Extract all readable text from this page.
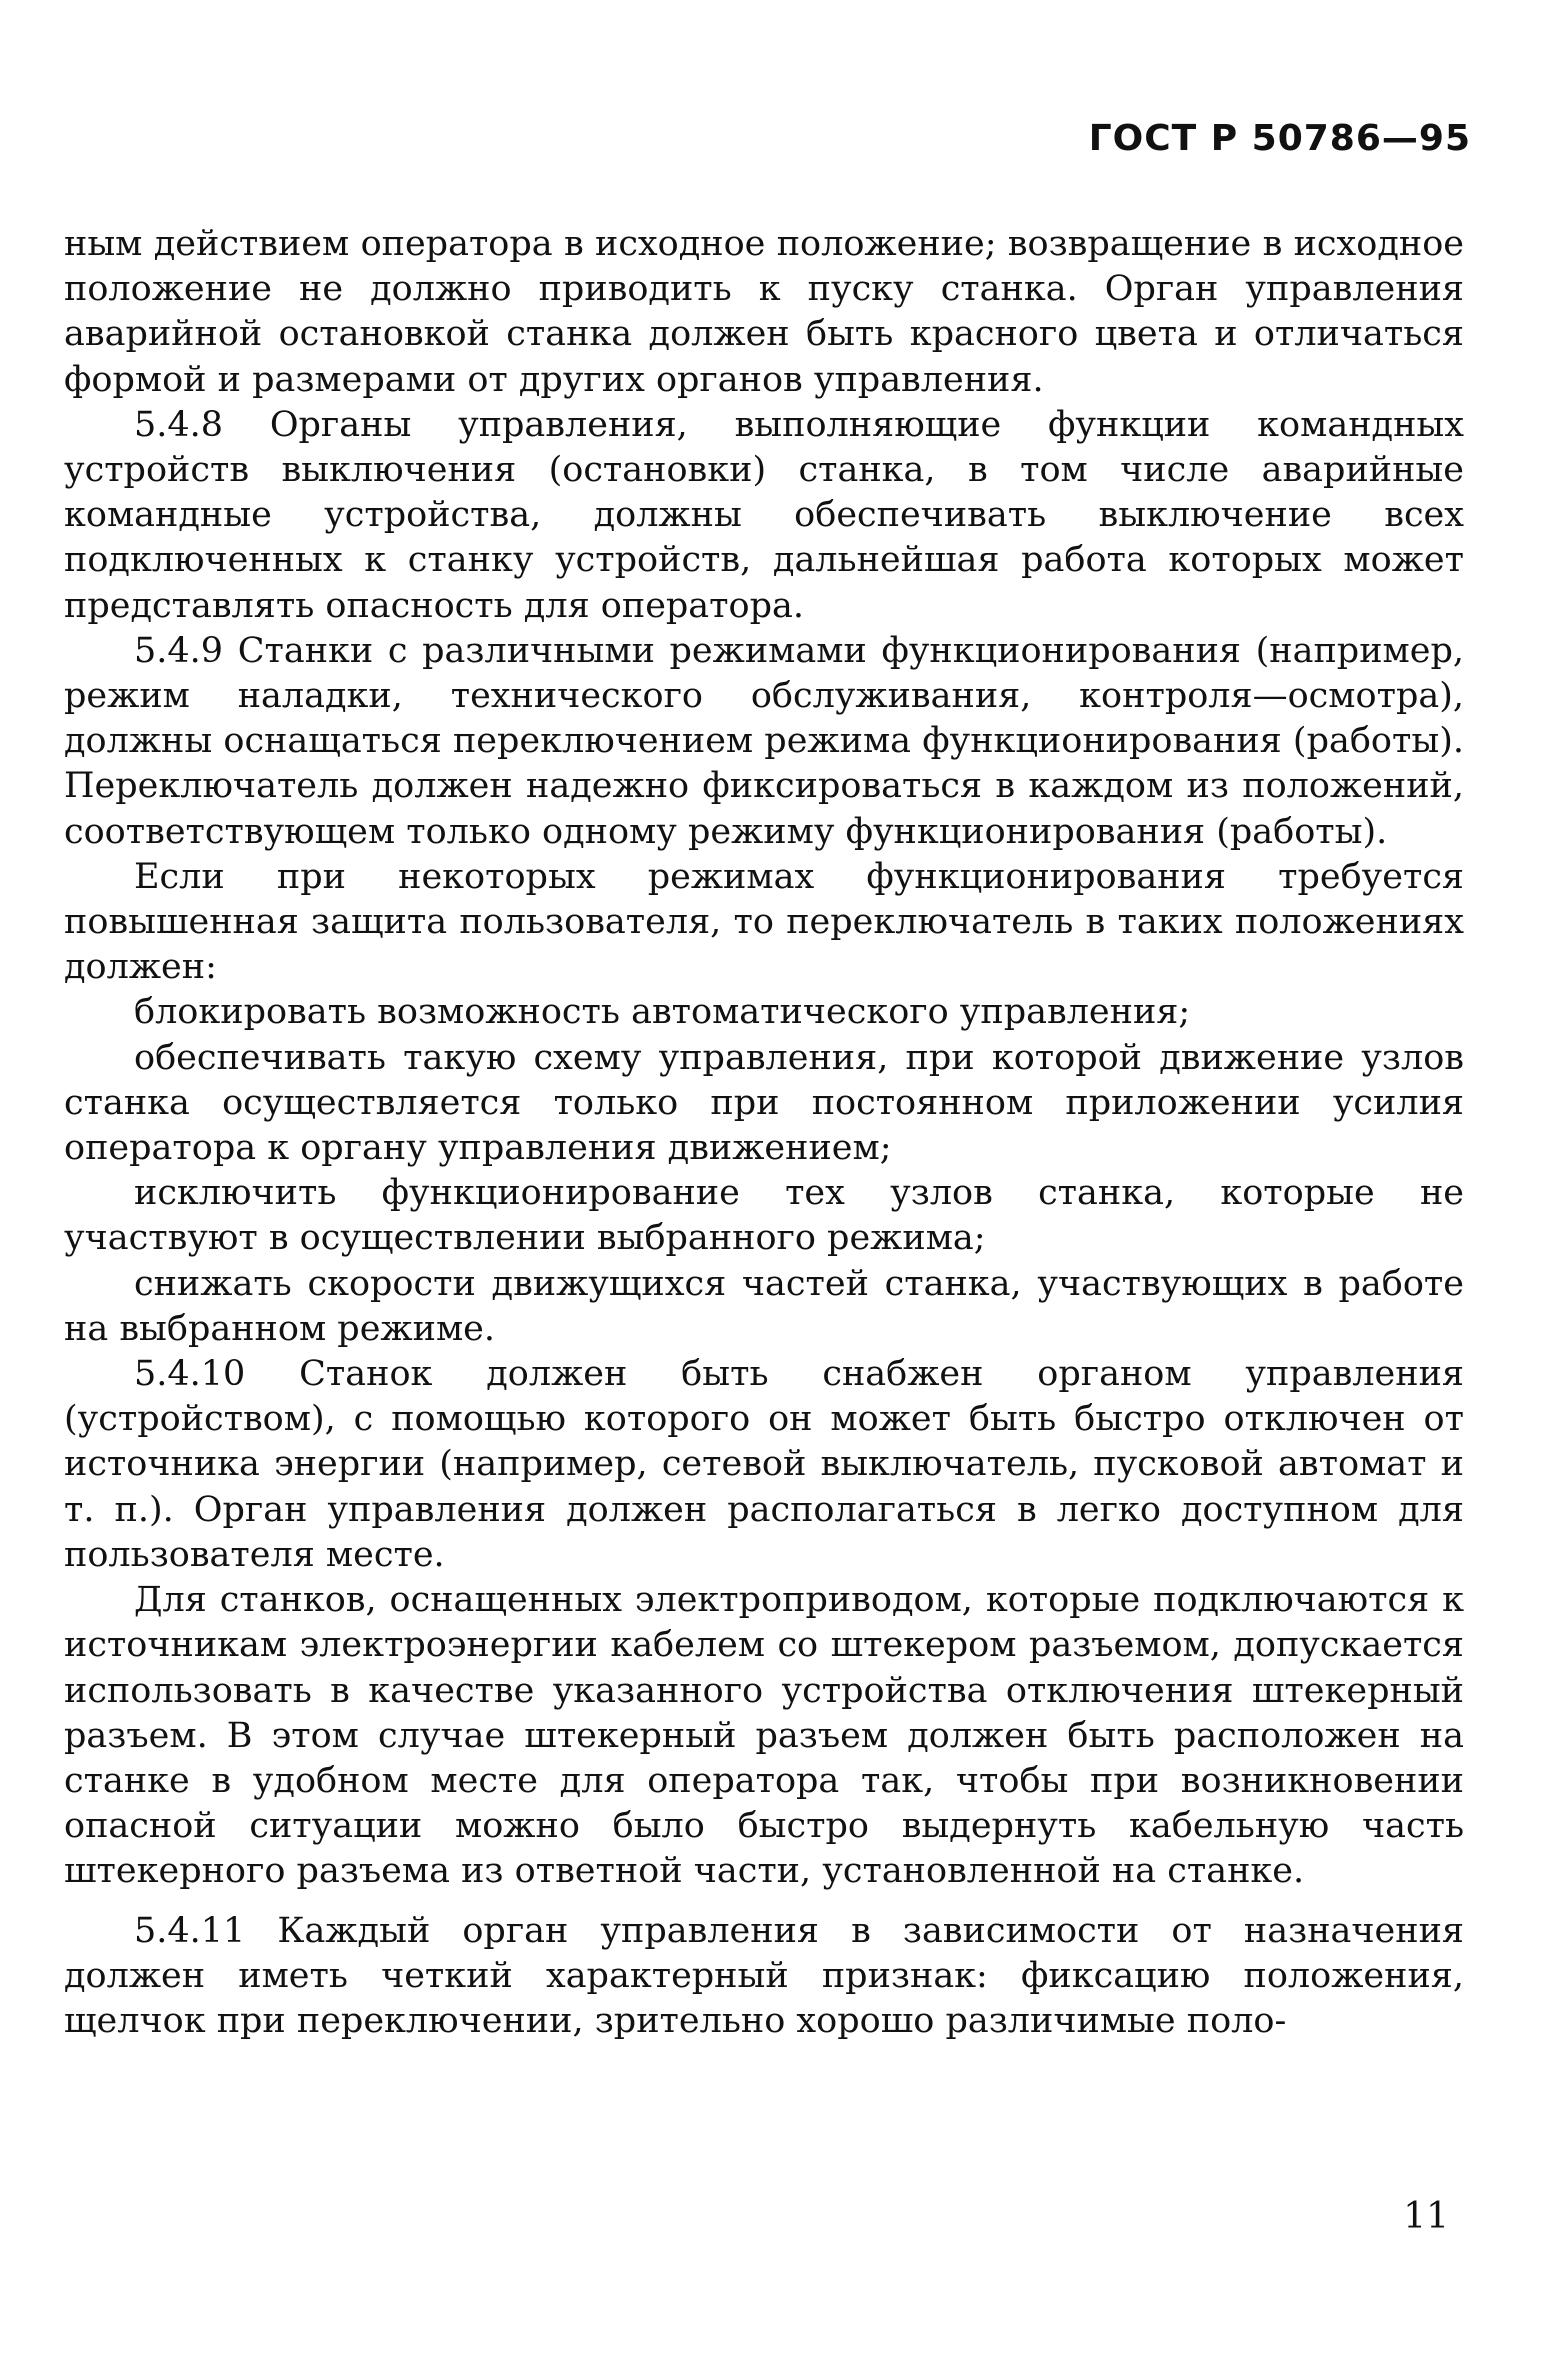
ГОСТ Р 50786—95

ным действием оператора в исходное положение; возвращение в исходное положение не должно приводить к пуску станка. Орган управления аварийной остановкой станка должен быть красного цвета и отличаться формой и размерами от других органов управления.

5.4.8 Органы управления, выполняющие функции командных устройств выключения (остановки) станка, в том числе аварийные командные устройства, должны обеспечивать выключение всех подключенных к станку устройств, дальнейшая работа которых может представлять опасность для оператора.

5.4.9 Станки с различными режимами функционирования (например, режим наладки, технического обслуживания, контроля—осмотра), должны оснащаться переключением режима функционирования (работы). Переключатель должен надежно фиксироваться в каждом из положений, соответствующем только одному режиму функционирования (работы).

Если при некоторых режимах функционирования требуется повышенная защита пользователя, то переключатель в таких положениях должен:

блокировать возможность автоматического управления;

обеспечивать такую схему управления, при которой движение узлов станка осуществляется только при постоянном приложении усилия оператора к органу управления движением;

исключить функционирование тех узлов станка, которые не участвуют в осуществлении выбранного режима;

снижать скорости движущихся частей станка, участвующих в работе на выбранном режиме.

5.4.10 Станок должен быть снабжен органом управления (устройством), с помощью которого он может быть быстро отключен от источника энергии (например, сетевой выключатель, пусковой автомат и т. п.). Орган управления должен располагаться в легко доступном для пользователя месте.

Для станков, оснащенных электроприводом, которые подключаются к источникам электроэнергии кабелем со штекером разъемом, допускается использовать в качестве указанного устройства отключения штекерный разъем. В этом случае штекерный разъем должен быть расположен на станке в удобном месте для оператора так, чтобы при возникновении опасной ситуации можно было быстро выдернуть кабельную часть штекерного разъема из ответной части, установленной на станке.

5.4.11 Каждый орган управления в зависимости от назначения должен иметь четкий характерный признак: фиксацию положения, щелчок при переключении, зрительно хорошо различимые поло-

11
